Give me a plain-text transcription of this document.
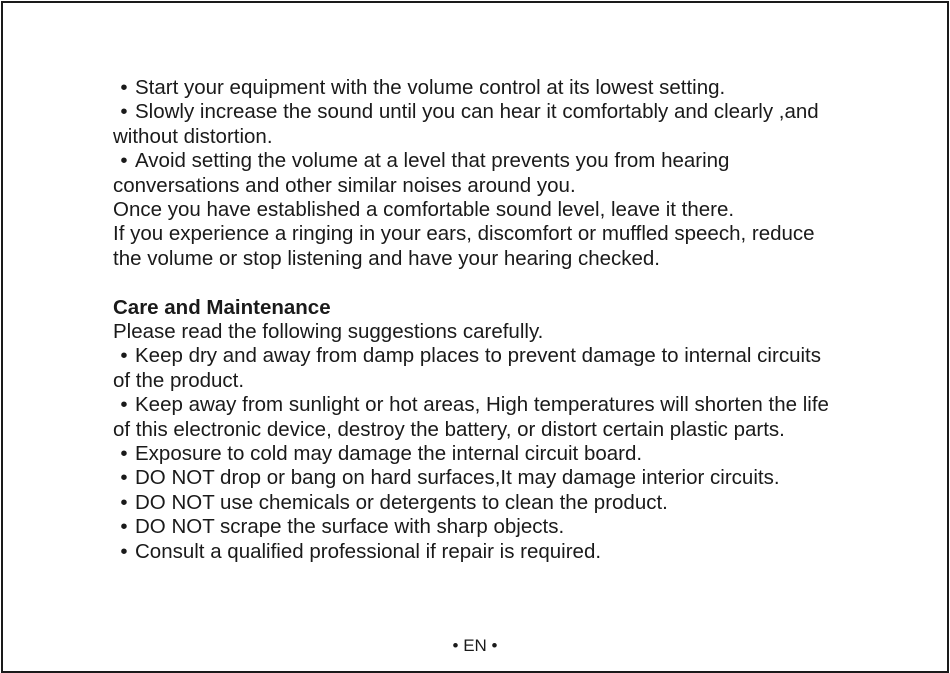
• Start your equipment with the volume control at its lowest setting.

• Slowly increase the sound until you can hear it comfortably and clearly ,and

without distortion.

• Avoid setting the volume at a level that prevents you from hearing

conversations and other similar noises around you.

Once you have established a comfortable sound level, leave it there.

If you experience a ringing in your ears, discomfort or muffled speech, reduce

the volume or stop listening and have your hearing checked.

Care and Maintenance

Please read the following suggestions carefully.

• Keep dry and away from damp places to prevent damage to internal circuits

of the product.

• Keep away from sunlight or hot areas, High temperatures will shorten the life

of this electronic device, destroy the battery, or distort certain plastic parts.

• Exposure to cold may damage the internal circuit board.

• DO NOT drop or bang on hard surfaces,It may damage interior circuits.

• DO NOT use chemicals or detergents to clean the product.

• DO NOT scrape the surface with sharp objects.

• Consult a qualified professional if repair is required.

• EN •
